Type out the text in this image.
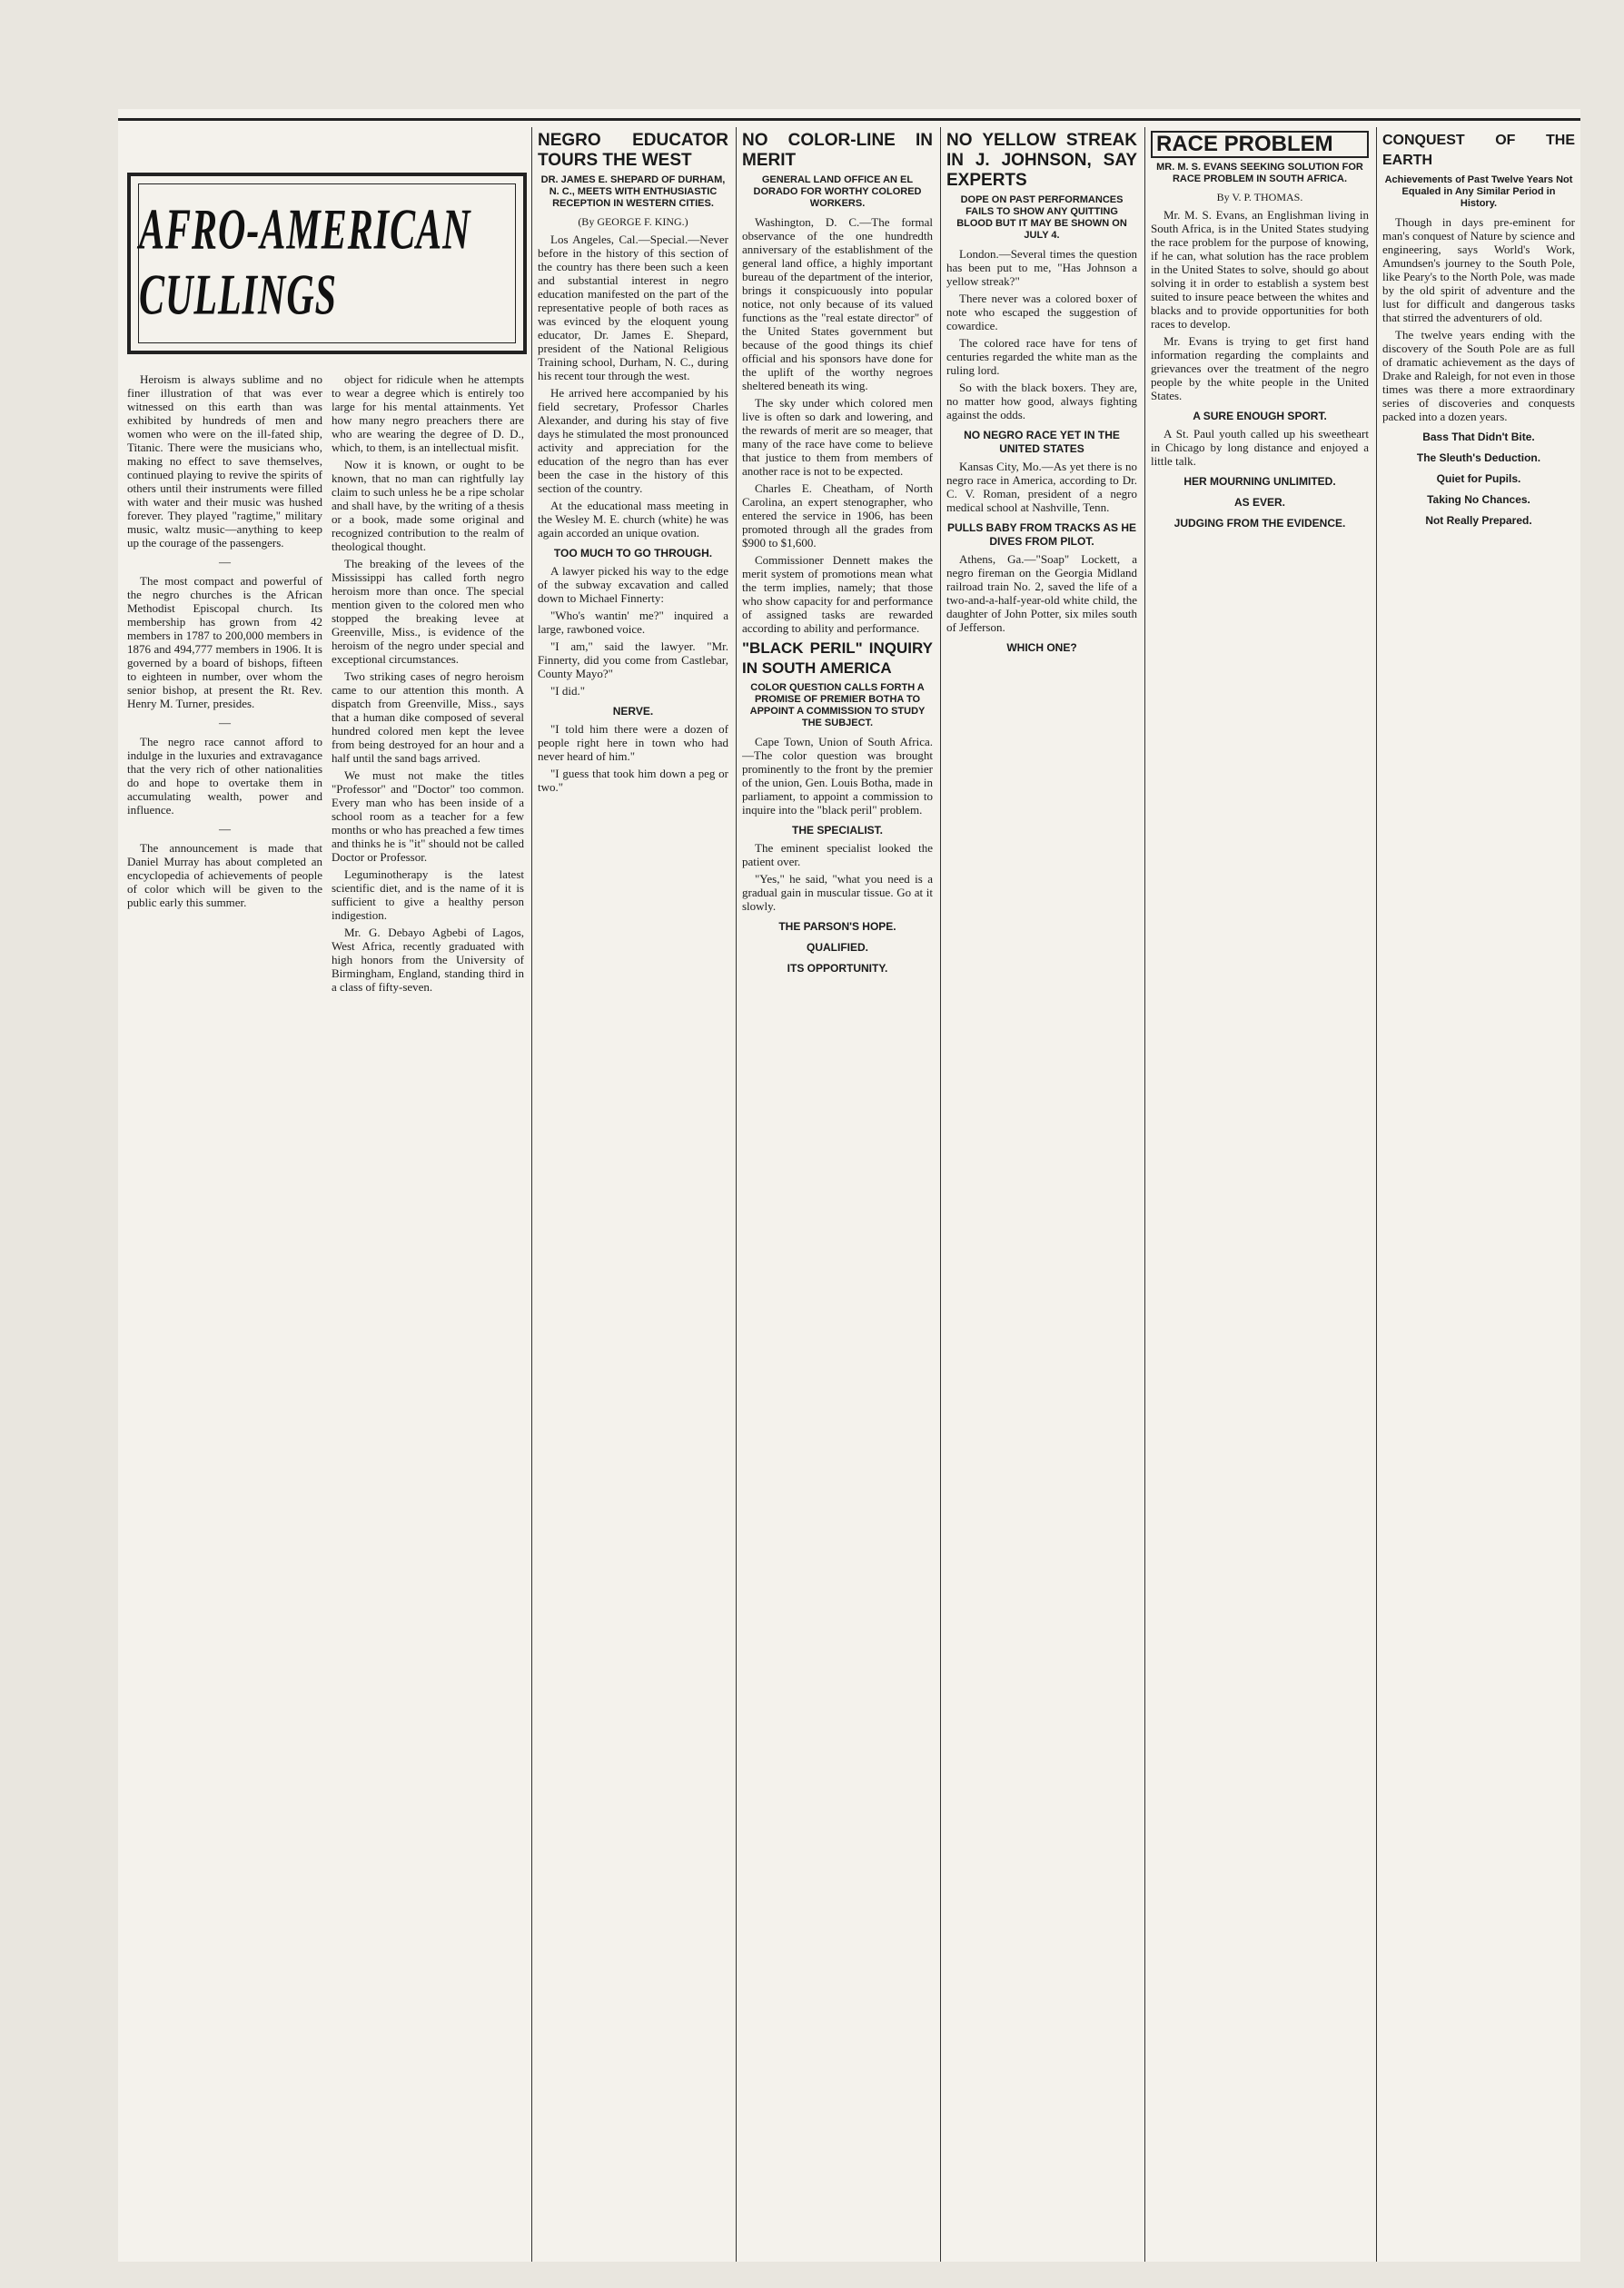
AFRO-AMERICAN CULLINGS

Heroism is always sublime and no finer illustration of that was ever witnessed on this earth than was exhibited by hundreds of men and women who were on the ill-fated ship, Titanic. There were the musicians who, making no effect to save themselves, continued playing to revive the spirits of others until their instruments were filled with water and their music was hushed forever. They played "ragtime," military music, waltz music—anything to keep up the courage of the passengers.

—

The most compact and powerful of the negro churches is the African Methodist Episcopal church. Its membership has grown from 42 members in 1787 to 200,000 members in 1876 and 494,777 members in 1906. It is governed by a board of bishops, fifteen to eighteen in number, over whom the senior bishop, at present the Rt. Rev. Henry M. Turner, presides.

—

The negro race cannot afford to indulge in the luxuries and extravagance that the very rich of other nationalities do and hope to overtake them in accumulating wealth, power and influence.

—

The announcement is made that Daniel Murray has about completed an encyclopedia of achievements of people of color which will be given to the public early this summer.

object for ridicule when he attempts to wear a degree which is entirely too large for his mental attainments. Yet how many negro preachers there are who are wearing the degree of D. D., which, to them, is an intellectual misfit.

Now it is known, or ought to be known, that no man can rightfully lay claim to such unless he be a ripe scholar and shall have, by the writing of a thesis or a book, made some original and recognized contribution to the realm of theological thought.

The breaking of the levees of the Mississippi has called forth negro heroism more than once. The special mention given to the colored men who stopped the breaking levee at Greenville, Miss., is evidence of the heroism of the negro under special and exceptional circumstances.

Two striking cases of negro heroism came to our attention this month. A dispatch from Greenville, Miss., says that a human dike composed of several hundred colored men kept the levee from being destroyed for an hour and a half until the sand bags arrived.

We must not make the titles "Professor" and "Doctor" too common. Every man who has been inside of a school room as a teacher for a few months or who has preached a few times and thinks he is "it" should not be called Doctor or Professor.

Leguminotherapy is the latest scientific diet, and is the name of it is sufficient to give a healthy person indigestion.

Mr. G. Debayo Agbebi of Lagos, West Africa, recently graduated with high honors from the University of Birmingham, England, standing third in a class of fifty-seven.

NEGRO EDUCATOR TOURS THE WEST
DR. JAMES E. SHEPARD OF DURHAM, N. C., MEETS WITH ENTHUSIASTIC RECEPTION IN WESTERN CITIES.
(By GEORGE F. KING.)

Los Angeles, Cal.—Special.—Never before in the history of this section of the country has there been such a keen and substantial interest in negro education manifested on the part of the representative people of both races as was evinced by the eloquent young educator, Dr. James E. Shepard, president of the National Religious Training school, Durham, N. C., during his recent tour through the west.

He arrived here accompanied by his field secretary, Professor Charles Alexander, and during his stay of five days he stimulated the most pronounced activity and appreciation for the education of the negro than has ever been the case in the history of this section of the country.

At the educational mass meeting in the Wesley M. E. church (white) he was again accorded an unique ovation.

TOO MUCH TO GO THROUGH.

A lawyer picked his way to the edge of the subway excavation and called down to Michael Finnerty:

"Who's wantin' me?" inquired a large, rawboned voice.

"I am," said the lawyer. "Mr. Finnerty, did you come from Castlebar, County Mayo?"

"I did."

NERVE.

"I told him there were a dozen of people right here in town who had never heard of him."

"I guess that took him down a peg or two."

NO COLOR-LINE IN MERIT
GENERAL LAND OFFICE AN EL DORADO FOR WORTHY COLORED WORKERS.

Washington, D. C.—The formal observance of the one hundredth anniversary of the establishment of the general land office, a highly important bureau of the department of the interior, brings it conspicuously into popular notice, not only because of its valued functions as the "real estate director" of the United States government but because of the good things its chief official and his sponsors have done for the uplift of the worthy negroes sheltered beneath its wing.

The sky under which colored men live is often so dark and lowering, and the rewards of merit are so meager, that many of the race have come to believe that justice to them from members of another race is not to be expected.

Charles E. Cheatham, of North Carolina, an expert stenographer, who entered the service in 1906, has been promoted through all the grades from $900 to $1,600.

Commissioner Dennett makes the merit system of promotions mean what the term implies, namely; that those who show capacity for and performance of assigned tasks are rewarded according to ability and performance.

"BLACK PERIL" INQUIRY IN SOUTH AMERICA
COLOR QUESTION CALLS FORTH A PROMISE OF PREMIER BOTHA TO APPOINT A COMMISSION TO STUDY THE SUBJECT.

Cape Town, Union of South Africa.—The color question was brought prominently to the front by the premier of the union, Gen. Louis Botha, made in parliament, to appoint a commission to inquire into the "black peril" problem.

THE SPECIALIST.

The eminent specialist looked the patient over.

"Yes," he said, "what you need is a gradual gain in muscular tissue. Go at it slowly.

THE PARSON'S HOPE.
QUALIFIED.
ITS OPPORTUNITY.
NO YELLOW STREAK IN J. JOHNSON, SAY EXPERTS
DOPE ON PAST PERFORMANCES FAILS TO SHOW ANY QUITTING BLOOD BUT IT MAY BE SHOWN ON JULY 4.

London.—Several times the question has been put to me, "Has Johnson a yellow streak?"

There never was a colored boxer of note who escaped the suggestion of cowardice.

The colored race have for tens of centuries regarded the white man as the ruling lord.

So with the black boxers. They are, no matter how good, always fighting against the odds.

NO NEGRO RACE YET IN THE UNITED STATES

Kansas City, Mo.—As yet there is no negro race in America, according to Dr. C. V. Roman, president of a negro medical school at Nashville, Tenn.

PULLS BABY FROM TRACKS AS HE DIVES FROM PILOT.

Athens, Ga.—"Soap" Lockett, a negro fireman on the Georgia Midland railroad train No. 2, saved the life of a two-and-a-half-year-old white child, the daughter of John Potter, six miles south of Jefferson.

WHICH ONE?
RACE PROBLEM
MR. M. S. EVANS SEEKING SOLUTION FOR RACE PROBLEM IN SOUTH AFRICA.
By V. P. THOMAS.

Mr. M. S. Evans, an Englishman living in South Africa, is in the United States studying the race problem for the purpose of knowing, if he can, what solution has the race problem in the United States to solve, should go about solving it in order to establish a system best suited to insure peace between the whites and blacks and to provide opportunities for both races to develop.

Mr. Evans is trying to get first hand information regarding the complaints and grievances over the treatment of the negro people by the white people in the United States.

A SURE ENOUGH SPORT.

A St. Paul youth called up his sweetheart in Chicago by long distance and enjoyed a little talk.

HER MOURNING UNLIMITED.
AS EVER.
JUDGING FROM THE EVIDENCE.
CONQUEST OF THE EARTH
Achievements of Past Twelve Years Not Equaled in Any Similar Period in History.

Though in days pre-eminent for man's conquest of Nature by science and engineering, says World's Work, Amundsen's journey to the South Pole, like Peary's to the North Pole, was made by the old spirit of adventure and the lust for difficult and dangerous tasks that stirred the adventurers of old.

The twelve years ending with the discovery of the South Pole are as full of dramatic achievement as the days of Drake and Raleigh, for not even in those times was there a more extraordinary series of discoveries and conquests packed into a dozen years.

Bass That Didn't Bite.
The Sleuth's Deduction.
Quiet for Pupils.
Taking No Chances.
Not Really Prepared.
